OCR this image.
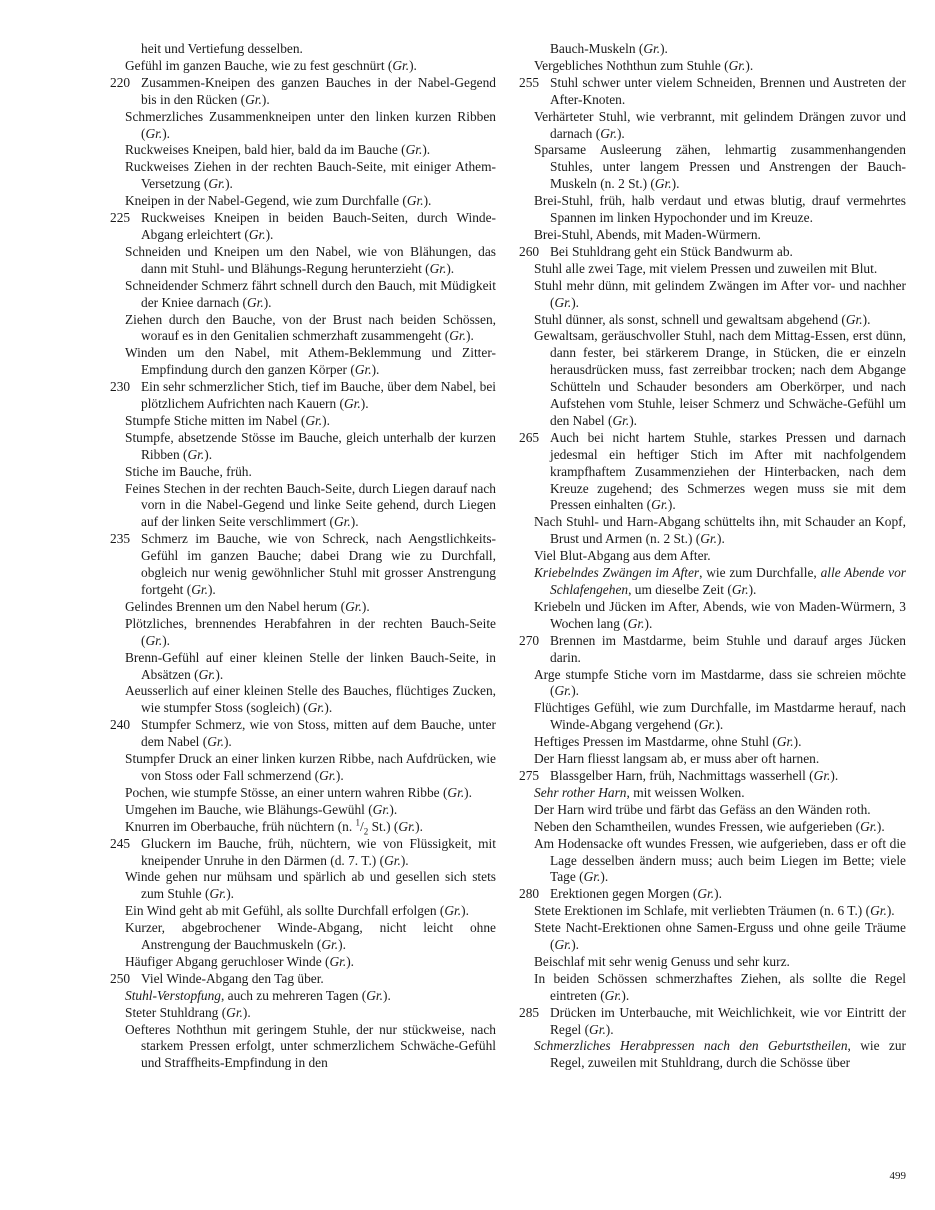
heit und Vertiefung desselben.
Gefühl im ganzen Bauche, wie zu fest geschnürt (Gr.).
220 Zusammen-Kneipen des ganzen Bauches in der Nabel-Gegend bis in den Rücken (Gr.).
Schmerzliches Zusammenkneipen unter den linken kurzen Ribben (Gr.).
Ruckweises Kneipen, bald hier, bald da im Bauche (Gr.).
Ruckweises Ziehen in der rechten Bauch-Seite, mit einiger Athem-Versetzung (Gr.).
Kneipen in der Nabel-Gegend, wie zum Durchfalle (Gr.).
225 Ruckweises Kneipen in beiden Bauch-Seiten, durch Winde-Abgang erleichtert (Gr.).
Schneiden und Kneipen um den Nabel, wie von Blähungen, das dann mit Stuhl- und Blähungs-Regung herunterzieht (Gr.).
Schneidender Schmerz fährt schnell durch den Bauch, mit Müdigkeit der Kniee darnach (Gr.).
Ziehen durch den Bauche, von der Brust nach beiden Schössen, worauf es in den Genitalien schmerzhaft zusammengeht (Gr.).
Winden um den Nabel, mit Athem-Beklemmung und Zitter-Empfindung durch den ganzen Körper (Gr.).
230 Ein sehr schmerzlicher Stich, tief im Bauche, über dem Nabel, bei plötzlichem Aufrichten nach Kauern (Gr.).
Stumpfe Stiche mitten im Nabel (Gr.).
Stumpfe, absetzende Stösse im Bauche, gleich unterhalb der kurzen Ribben (Gr.).
Stiche im Bauche, früh.
Feines Stechen in der rechten Bauch-Seite, durch Liegen darauf nach vorn in die Nabel-Gegend und linke Seite gehend, durch Liegen auf der linken Seite verschlimmert (Gr.).
235 Schmerz im Bauche, wie von Schreck, nach Aengstlichkeits-Gefühl im ganzen Bauche; dabei Drang wie zu Durchfall, obgleich nur wenig gewöhnlicher Stuhl mit grosser Anstrengung fortgeht (Gr.).
Gelindes Brennen um den Nabel herum (Gr.).
Plötzliches, brennendes Herabfahren in der rechten Bauch-Seite (Gr.).
Brenn-Gefühl auf einer kleinen Stelle der linken Bauch-Seite, in Absätzen (Gr.).
Aeusserlich auf einer kleinen Stelle des Bauches, flüchtiges Zucken, wie stumpfer Stoss (sogleich) (Gr.).
240 Stumpfer Schmerz, wie von Stoss, mitten auf dem Bauche, unter dem Nabel (Gr.).
Stumpfer Druck an einer linken kurzen Ribbe, nach Aufdrücken, wie von Stoss oder Fall schmerzend (Gr.).
Pochen, wie stumpfe Stösse, an einer untern wahren Ribbe (Gr.).
Umgehen im Bauche, wie Blähungs-Gewühl (Gr.).
Knurren im Oberbauche, früh nüchtern (n. $^1/_2$ St.) (Gr.).
245 Gluckern im Bauche, früh, nüchtern, wie von Flüssigkeit, mit kneipender Unruhe in den Därmen (d. 7. T.) (Gr.).
Winde gehen nur mühsam und spärlich ab und gesellen sich stets zum Stuhle (Gr.).
Ein Wind geht ab mit Gefühl, als sollte Durchfall erfolgen (Gr.).
Kurzer, abgebrochener Winde-Abgang, nicht leicht ohne Anstrengung der Bauchmuskeln (Gr.).
Häufiger Abgang geruchloser Winde (Gr.).
250 Viel Winde-Abgang den Tag über.
Stuhl-Verstopfung, auch zu mehreren Tagen (Gr.).
Steter Stuhldrang (Gr.).
Oefteres Noththun mit geringem Stuhle, der nur stückweise, nach starkem Pressen erfolgt, unter schmerzlichem Schwäche-Gefühl und Straffheits-Empfindung in den
Bauch-Muskeln (Gr.).
Vergebliches Noththun zum Stuhle (Gr.).
255 Stuhl schwer unter vielem Schneiden, Brennen und Austreten der After-Knoten.
Verhärteter Stuhl, wie verbrannt, mit gelindem Drängen zuvor und darnach (Gr.).
Sparsame Ausleerung zähen, lehmartig zusammenhangenden Stuhles, unter langem Pressen und Anstrengen der Bauch-Muskeln (n. 2 St.) (Gr.).
Brei-Stuhl, früh, halb verdaut und etwas blutig, drauf vermehrtes Spannen im linken Hypochonder und im Kreuze.
Brei-Stuhl, Abends, mit Maden-Würmern.
260 Bei Stuhldrang geht ein Stück Bandwurm ab.
Stuhl alle zwei Tage, mit vielem Pressen und zuweilen mit Blut.
Stuhl mehr dünn, mit gelindem Zwängen im After vor- und nachher (Gr.).
Stuhl dünner, als sonst, schnell und gewaltsam abgehend (Gr.).
Gewaltsam, geräuschvoller Stuhl, nach dem Mittag-Essen, erst dünn, dann fester, bei stärkerem Drange, in Stücken, die er einzeln herausdrücken muss, fast zerreibbar trocken; nach dem Abgange Schütteln und Schauder besonders am Oberkörper, und nach Aufstehen vom Stuhle, leiser Schmerz und Schwäche-Gefühl um den Nabel (Gr.).
265 Auch bei nicht hartem Stuhle, starkes Pressen und darnach jedesmal ein heftiger Stich im After mit nachfolgendem krampfhaftem Zusammenziehen der Hinterbacken, nach dem Kreuze zugehend; des Schmerzes wegen muss sie mit dem Pressen einhalten (Gr.).
Nach Stuhl- und Harn-Abgang schüttelts ihn, mit Schauder an Kopf, Brust und Armen (n. 2 St.) (Gr.).
Viel Blut-Abgang aus dem After.
Kriebelndes Zwängen im After, wie zum Durchfalle, alle Abende vor Schlafengehen, um dieselbe Zeit (Gr.).
Kriebeln und Jücken im After, Abends, wie von Maden-Würmern, 3 Wochen lang (Gr.).
270 Brennen im Mastdarme, beim Stuhle und darauf arges Jücken darin.
Arge stumpfe Stiche vorn im Mastdarme, dass sie schreien möchte (Gr.).
Flüchtiges Gefühl, wie zum Durchfalle, im Mastdarme herauf, nach Winde-Abgang vergehend (Gr.).
Heftiges Pressen im Mastdarme, ohne Stuhl (Gr.).
Der Harn fliesst langsam ab, er muss aber oft harnen.
275 Blassgelber Harn, früh, Nachmittags wasserhell (Gr.).
Sehr rother Harn, mit weissen Wolken.
Der Harn wird trübe und färbt das Gefäss an den Wänden roth.
Neben den Schamtheilen, wundes Fressen, wie aufgerieben (Gr.).
Am Hodensacke oft wundes Fressen, wie aufgerieben, dass er oft die Lage desselben ändern muss; auch beim Liegen im Bette; viele Tage (Gr.).
280 Erektionen gegen Morgen (Gr.).
Stete Erektionen im Schlafe, mit verliebten Träumen (n. 6 T.) (Gr.).
Stete Nacht-Erektionen ohne Samen-Erguss und ohne geile Träume (Gr.).
Beischlaf mit sehr wenig Genuss und sehr kurz.
In beiden Schössen schmerzhaftes Ziehen, als sollte die Regel eintreten (Gr.).
285 Drücken im Unterbauche, mit Weichlichkeit, wie vor Eintritt der Regel (Gr.).
Schmerzliches Herabpressen nach den Geburtstheilen, wie zur Regel, zuweilen mit Stuhldrang, durch die Schösse über
499
